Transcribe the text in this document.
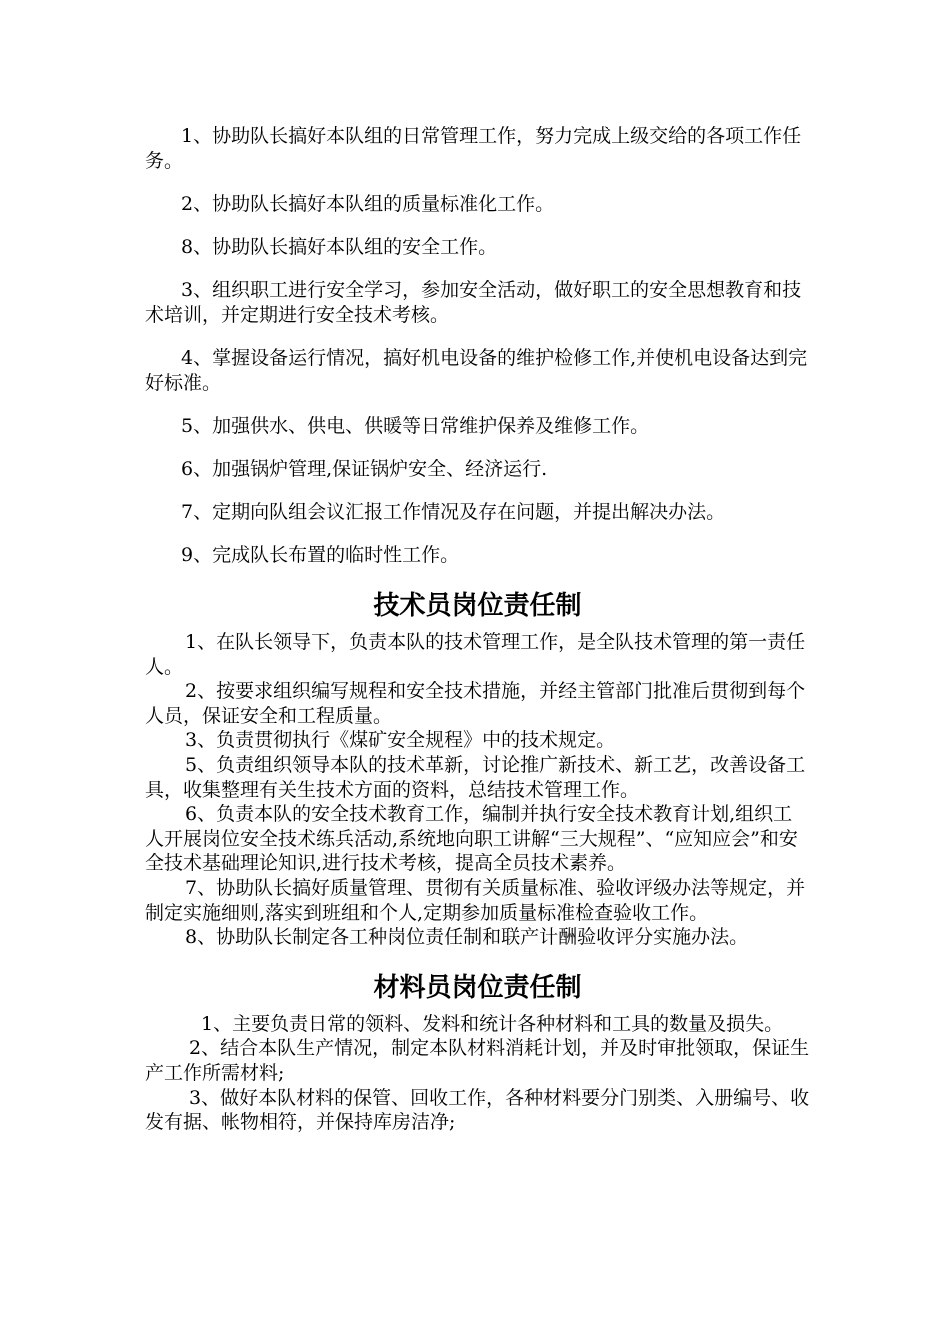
1、协助队长搞好本队组的日常管理工作，努力完成上级交给的各项工作任务。

2、协助队长搞好本队组的质量标准化工作。

8、协助队长搞好本队组的安全工作。

3、组织职工进行安全学习，参加安全活动，做好职工的安全思想教育和技术培训，并定期进行安全技术考核。

4、掌握设备运行情况，搞好机电设备的维护检修工作,并使机电设备达到完好标准。

5、加强供水、供电、供暖等日常维护保养及维修工作。

6、加强锅炉管理,保证锅炉安全、经济运行.

7、定期向队组会议汇报工作情况及存在问题，并提出解决办法。

9、完成队长布置的临时性工作。

技术员岗位责任制

1、在队长领导下，负责本队的技术管理工作，是全队技术管理的第一责任人。

2、按要求组织编写规程和安全技术措施，并经主管部门批准后贯彻到每个人员，保证安全和工程质量。

3、负责贯彻执行《煤矿安全规程》中的技术规定。

5、负责组织领导本队的技术革新，讨论推广新技术、新工艺，改善设备工具，收集整理有关生技术方面的资料，总结技术管理工作。

6、负责本队的安全技术教育工作，编制并执行安全技术教育计划,组织工人开展岗位安全技术练兵活动,系统地向职工讲解“三大规程”、“应知应会”和安全技术基础理论知识,进行技术考核，提高全员技术素养。

7、协助队长搞好质量管理、贯彻有关质量标准、验收评级办法等规定，并制定实施细则,落实到班组和个人,定期参加质量标准检查验收工作。

8、协助队长制定各工种岗位责任制和联产计酬验收评分实施办法。

材料员岗位责任制

1、主要负责日常的领料、发料和统计各种材料和工具的数量及损失。

2、结合本队生产情况，制定本队材料消耗计划，并及时审批领取，保证生产工作所需材料;

3、做好本队材料的保管、回收工作，各种材料要分门别类、入册编号、收发有据、帐物相符，并保持库房洁净;
